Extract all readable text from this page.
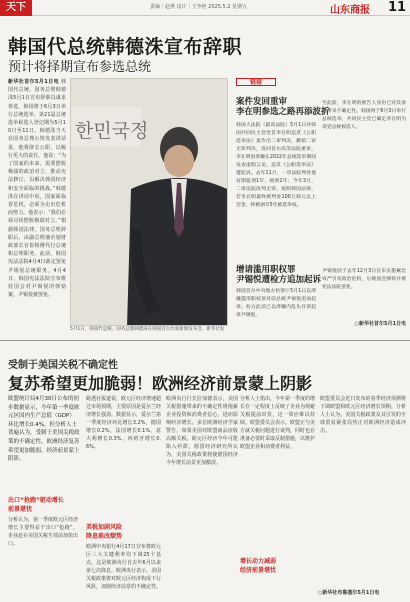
天下	责编｜赵燕 设计｜王争艳 2025.5.2 星期五	山东商报 11
韩国代总统韩德洙宣布辞职
预计将择期宣布参选总统
新华社首尔5月1日电 韩国代总统、国务总理韩德洙5月1日宣布辞职以谋求参选。韩国将于6月3日举行总统选举，第21届总统选举候选人登记期为5月10日至11日。韩德洙当天在国务总理公馆发表讲话说，他将辞去公职，以履行更大的责任。他说：“为了国家的未来，需要摆脱极端的政治对立，推动宪法修订，以解决韩国经济和安全面临的挑战。”韩德洙在讲话中说，国家面临着危机，必须为走出危机而努力。他表示：“我们必须尽快摆脱极端对立。”根据韩国法律，国务总理辞职后，由副总理兼企划财政部长官崔相穆代行总统和总理职务。此前，韩国宪法法院4月4日裁定罢免尹锡悦总统职务。4月4日，韩国宪法法院宣布维持国会对尹锡悦的弹劾案，尹锡悦被罢免。
한민국정
5月1日，韩国代总统、国务总理韩德洙在韩国首尔出席新闻发布会。新华社发
链接
案件发回重审
李在明参选之路再添波折
韩国大法院（最高法院）5月1日对韩国共同民主党党首李在明违反《公职选举法》案作出二审判决，撤销二审无罪判决，发回首尔高等法院重审。李在明因涉嫌在2022年总统选举期间发表虚假言论，违反《公职选举法》遭起诉。去年11月，一审法院判处他有期徒刑1年、缓刑2年；今年3月，二审法院改判无罪。按照韩国法律，若李在明最终被判处100万韩元以上罚金，将被剥夺5年被选举权。
至此前，李在明的被告人身份已对其参选带来不确定性。韩国将于6月3日举行总统选举，共同民主党已确定李在明为该党总统候选人。
增请滥用职权罪
尹锡悦遭检方追加起诉
韩国首尔中央地方检察厅5月1日以涉嫌滥用职权罪对前总统尹锡悦追加起诉。检方此前已以涉嫌内乱头目罪起诉尹锡悦。
尹锡悦因于去年12月3日宣布实施紧急戒严引发政治危机，后被国会弹劾并被宪法法院罢免。
○新华社首尔5月1日电
受制于美国关税不确定性
复苏希望更加脆弱！欧洲经济前景蒙上阴影
欧盟统计局4月30日公布的初步数据显示，今年第一季度欧元区国内生产总值（GDP）环比增长0.4%，但分析人士普遍认为，受制于美国关税政策的不确定性，欧洲经济复苏希望更加脆弱，经济前景蒙上阴影。
出口“抢跑”驱动增长
前景堪忧
分析认为，第一季度欧元区经济增长主要得益于出口“抢跑”，企业赶在美国关税生效前加快出口。
路透社报道说，欧元区经济增速超过市场预期，主要原因是爱尔兰经济增长强劲。数据显示，爱尔兰第一季度经济环比增长3.2%，德国增长0.2%，法国增长0.1%，意大利增长0.3%，西班牙增长0.6%。
美税加剧风险
降息难改颓势
欧洲中央银行4月17日宣布将欧元区三大关键利率均下调25个基点，这是欧洲央行自去年6月以来第七次降息。欧洲央行表示，美国关税政策将对欧元区经济构成下行风险，加剧经济前景的不确定性。
欧洲央行行长拉加德表示，美国关税措施带来的不确定性将拖累企业投资和消费者信心，进而影响经济增长。多位欧洲经济学家警告，如果美国对欧盟商品征收高额关税，欧元区经济今年可能陷入停滞。德国经济研究所认为，美国关税政策将使德国经济今年增长前景更加黯淡。
分析人士指出，今年第一季度的增长在一定程度上反映了企业为规避关税提前出货，这一效应难以持续。欧盟委员会表示，欧盟正与美方就关税问题进行谈判，同时也在准备必要时采取反制措施，以维护欧盟企业和消费者利益。
增长动力减弱
经济前景堪忧
欧盟委员会近日发布的春季经济预测将下调欧盟和欧元区经济增长预期。分析人士认为，美国关税政策及其引发的全球贸易紧张局势正对欧洲经济造成冲击。
○新华社布鲁塞尔5月1日电
